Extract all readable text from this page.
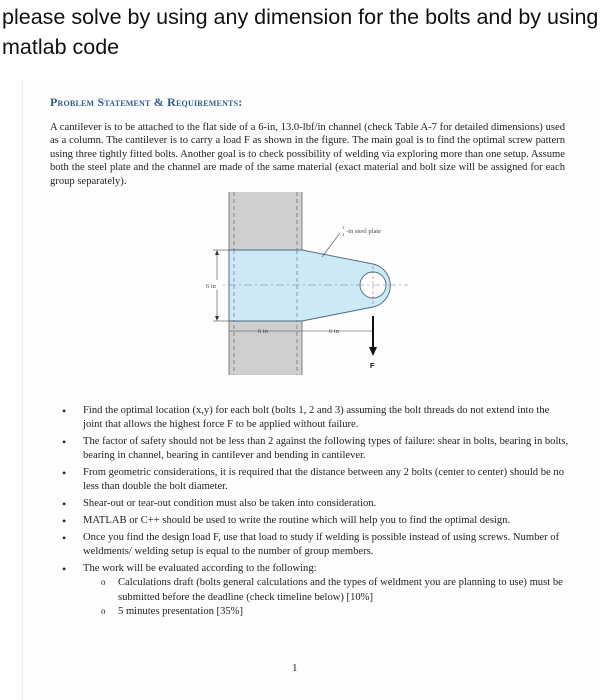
please solve by using any dimension for the bolts and by using matlab code
Problem Statement & Requirements:
A cantilever is to be attached to the flat side of a 6-in, 13.0-lbf/in channel (check Table A-7 for detailed dimensions) used as a column. The cantilever is to carry a load F as shown in the figure. The main goal is to find the optimal screw pattern using three tightly fitted bolts. Another goal is to check possibility of welding via exploring more than one setup. Assume both the steel plate and the channel are made of the same material (exact material and bolt size will be assigned for each group separately).
6 in
6 in	6 in
F
1
2 -in steel plate
• Find the optimal location (x,y) for each bolt (bolts 1, 2 and 3) assuming the bolt threads do not extend into the joint that allows the highest force F to be applied without failure.
• The factor of safety should not be less than 2 against the following types of failure: shear in bolts, bearing in bolts, bearing in channel, bearing in cantilever and bending in cantilever.
• From geometric considerations, it is required that the distance between any 2 bolts (center to center) should be no less than double the bolt diameter.
• Shear-out or tear-out condition must also be taken into consideration.
• MATLAB or C++ should be used to write the routine which will help you to find the optimal design.
• Once you find the design load F, use that load to study if welding is possible instead of using screws. Number of weldments/ welding setup is equal to the number of group members.
• The work will be evaluated according to the following:
o Calculations draft (bolts general calculations and the types of weldment you are planning to use) must be submitted before the deadline (check timeline below) [10%]
o 5 minutes presentation [35%]
1
